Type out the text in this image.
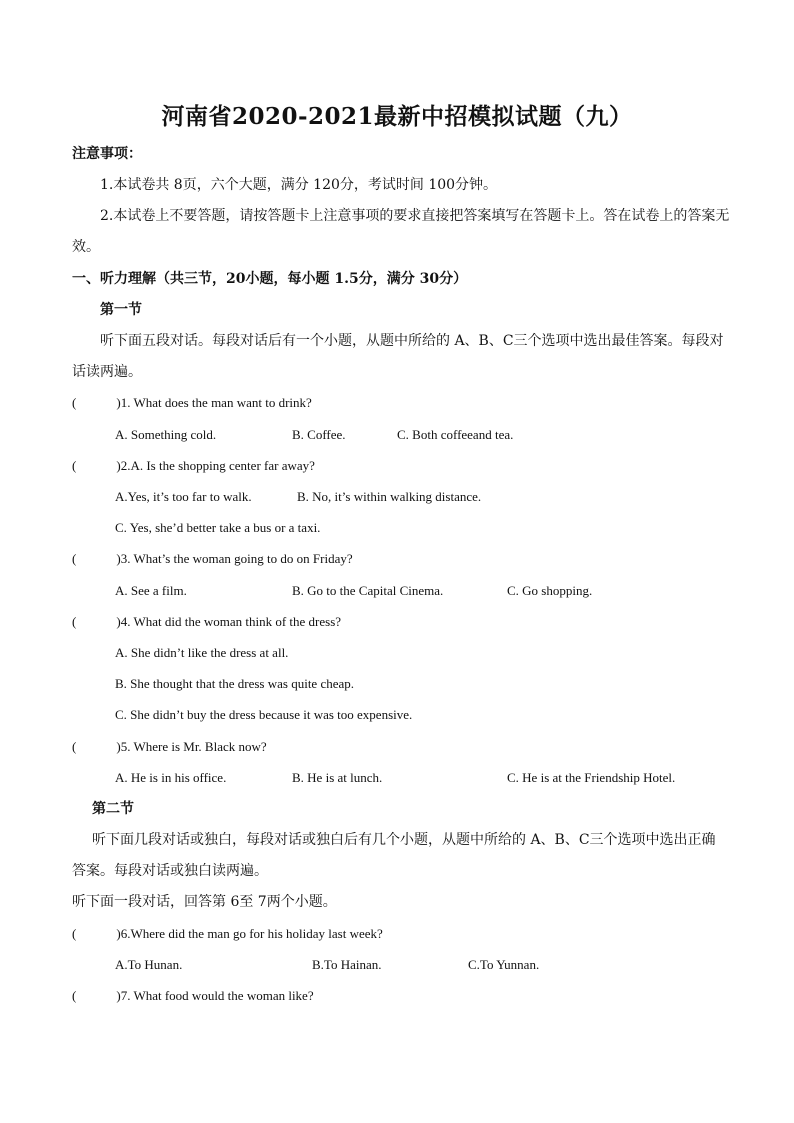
河南省2020-2021最新中招模拟试题（九）
注意事项：
1.本试卷共 8页，六个大题，满分 120分，考试时间 100分钟。
2.本试卷上不要答题，请按答题卡上注意事项的要求直接把答案填写在答题卡上。答在试卷上的答案无
效。
一、听力理解（共三节，20小题，每小题 1.5分，满分 30分）
第一节
听下面五段对话。每段对话后有一个小题，从题中所给的 A、B、C三个选项中选出最佳答案。每段对
话读两遍。
(	)1. What does the man want to drink?
A. Something cold.	B. Coffee.	C. Both coffeeand tea.
(	)2.A. Is the shopping center far away?
A.Yes, it’s too far to walk.	B. No, it’s within walking distance.
C. Yes, she’d better take a bus or a taxi.
(	)3. What’s the woman going to do on Friday?
A. See a film.	B. Go to the Capital Cinema.	C. Go shopping.
(	)4. What did the woman think of the dress?
A. She didn’t like the dress at all.
B. She thought that the dress was quite cheap.
C. She didn’t buy the dress because it was too expensive.
(	)5. Where is Mr. Black now?
A. He is in his office.	B. He is at lunch.	C. He is at the Friendship Hotel.
第二节
听下面几段对话或独白，每段对话或独白后有几个小题，从题中所给的 A、B、C三个选项中选出正确
答案。每段对话或独白读两遍。
听下面一段对话，回答第 6至 7两个小题。
(	)6.Where did the man go for his holiday last week?
A.To Hunan.	B.To Hainan.	C.To Yunnan.
(	)7. What food would the woman like?
